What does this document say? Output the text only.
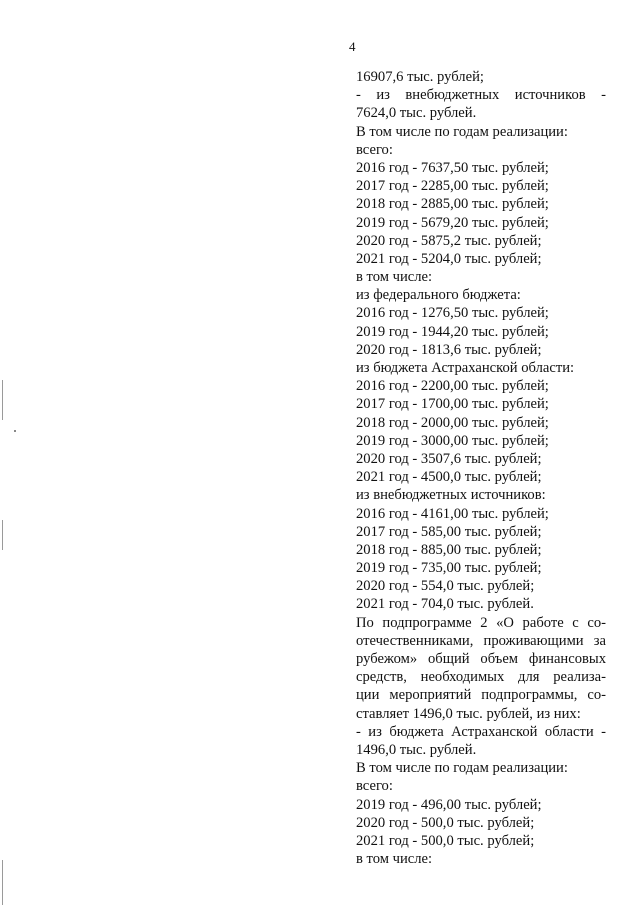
4
16907,6 тыс. рублей;
- из внебюджетных источников -
7624,0 тыс. рублей.
В том числе по годам реализации:
всего:
2016 год - 7637,50 тыс. рублей;
2017 год - 2285,00 тыс. рублей;
2018 год - 2885,00 тыс. рублей;
2019 год - 5679,20 тыс. рублей;
2020 год - 5875,2 тыс. рублей;
2021 год - 5204,0 тыс. рублей;
в том числе:
из федерального бюджета:
2016 год - 1276,50 тыс. рублей;
2019 год - 1944,20 тыс. рублей;
2020 год - 1813,6 тыс. рублей;
из бюджета Астраханской области:
2016 год - 2200,00 тыс. рублей;
2017 год - 1700,00 тыс. рублей;
2018 год - 2000,00 тыс. рублей;
2019 год - 3000,00 тыс. рублей;
2020 год - 3507,6 тыс. рублей;
2021 год - 4500,0 тыс. рублей;
из внебюджетных источников:
2016 год - 4161,00 тыс. рублей;
2017 год - 585,00 тыс. рублей;
2018 год - 885,00 тыс. рублей;
2019 год - 735,00 тыс. рублей;
2020 год - 554,0 тыс. рублей;
2021 год - 704,0 тыс. рублей.
По подпрограмме 2 «О работе с со-
отечественниками, проживающими за
рубежом» общий объем финансовых
средств, необходимых для реализа-
ции мероприятий подпрограммы, со-
ставляет 1496,0 тыс. рублей, из них:
- из бюджета Астраханской области -
1496,0 тыс. рублей.
В том числе по годам реализации:
всего:
2019 год - 496,00 тыс. рублей;
2020 год - 500,0 тыс. рублей;
2021 год - 500,0 тыс. рублей;
в том числе:
